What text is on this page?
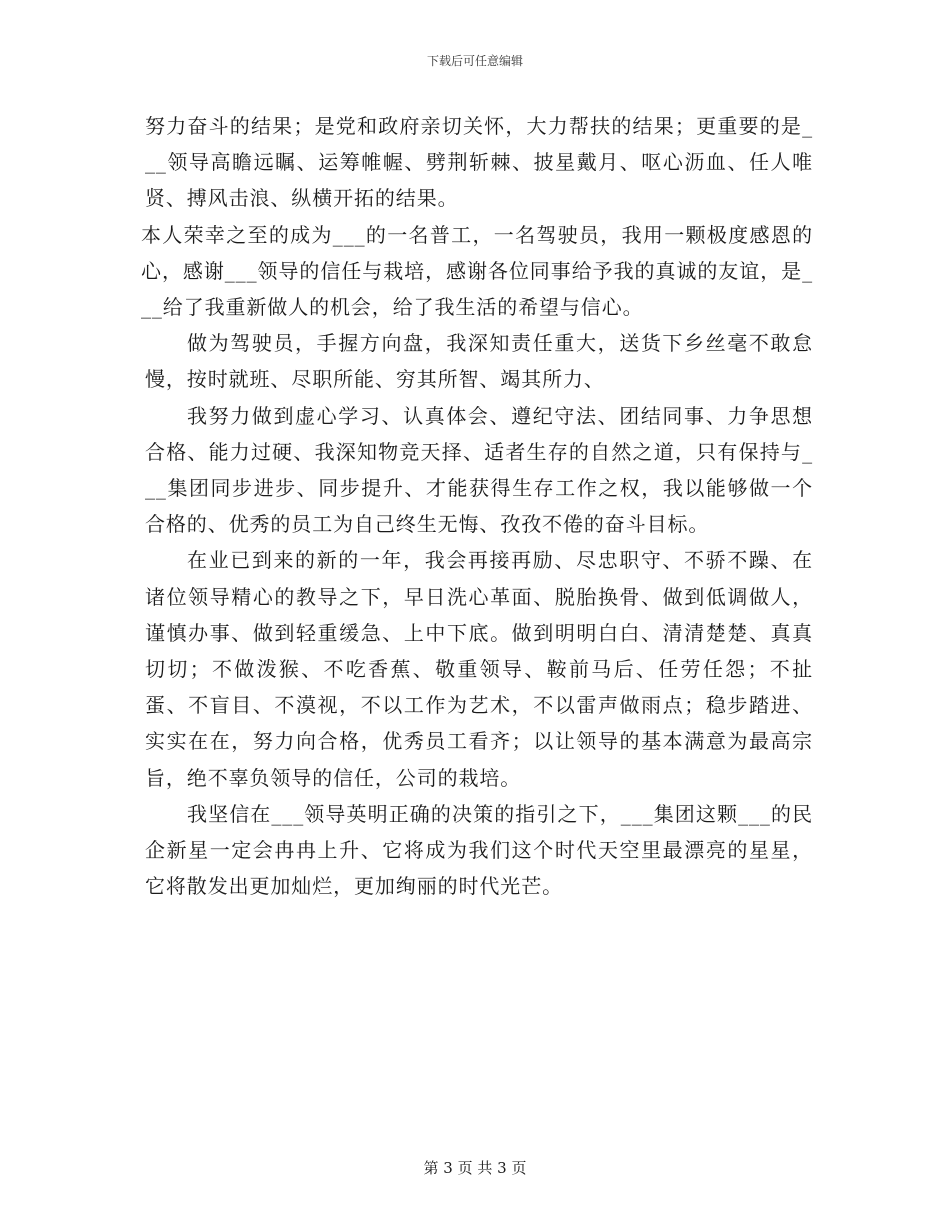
下载后可任意编辑

努力奋斗的结果；是党和政府亲切关怀，大力帮扶的结果；更重要的是___领导高瞻远瞩、运筹帷幄、劈荆斩棘、披星戴月、呕心沥血、任人唯贤、搏风击浪、纵横开拓的结果。

本人荣幸之至的成为___的一名普工，一名驾驶员，我用一颗极度感恩的心，感谢___领导的信任与栽培，感谢各位同事给予我的真诚的友谊，是___给了我重新做人的机会，给了我生活的希望与信心。

做为驾驶员，手握方向盘，我深知责任重大，送货下乡丝毫不敢怠慢，按时就班、尽职所能、穷其所智、竭其所力、

我努力做到虚心学习、认真体会、遵纪守法、团结同事、力争思想合格、能力过硬、我深知物竞天择、适者生存的自然之道，只有保持与___集团同步进步、同步提升、才能获得生存工作之权，我以能够做一个合格的、优秀的员工为自己终生无悔、孜孜不倦的奋斗目标。

在业已到来的新的一年，我会再接再励、尽忠职守、不骄不躁、在诸位领导精心的教导之下，早日洗心革面、脱胎换骨、做到低调做人，谨慎办事、做到轻重缓急、上中下底。做到明明白白、清清楚楚、真真切切；不做泼猴、不吃香蕉、敬重领导、鞍前马后、任劳任怨；不扯蛋、不盲目、不漠视，不以工作为艺术，不以雷声做雨点；稳步踏进、实实在在，努力向合格，优秀员工看齐；以让领导的基本满意为最高宗旨，绝不辜负领导的信任，公司的栽培。

我坚信在___领导英明正确的决策的指引之下，___集团这颗___的民企新星一定会冉冉上升、它将成为我们这个时代天空里最漂亮的星星，它将散发出更加灿烂，更加绚丽的时代光芒。

第 3 页 共 3 页
